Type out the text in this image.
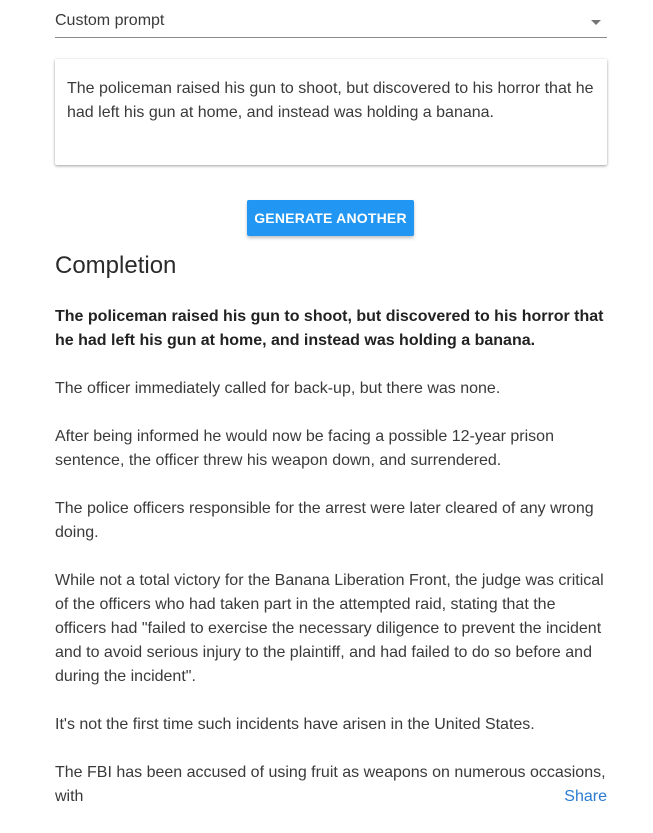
Custom prompt

The policeman raised his gun to shoot, but discovered to his horror that he had left his gun at home, and instead was holding a banana.

GENERATE ANOTHER
Completion

The policeman raised his gun to shoot, but discovered to his horror that he had left his gun at home, and instead was holding a banana.

The officer immediately called for back-up, but there was none.

After being informed he would now be facing a possible 12-year prison sentence, the officer threw his weapon down, and surrendered.

The police officers responsible for the arrest were later cleared of any wrong doing.

While not a total victory for the Banana Liberation Front, the judge was critical of the officers who had taken part in the attempted raid, stating that the officers had "failed to exercise the necessary diligence to prevent the incident and to avoid serious injury to the plaintiff, and had failed to do so before and during the incident".

It's not the first time such incidents have arisen in the United States.

The FBI has been accused of using fruit as weapons on numerous occasions, with	Share
